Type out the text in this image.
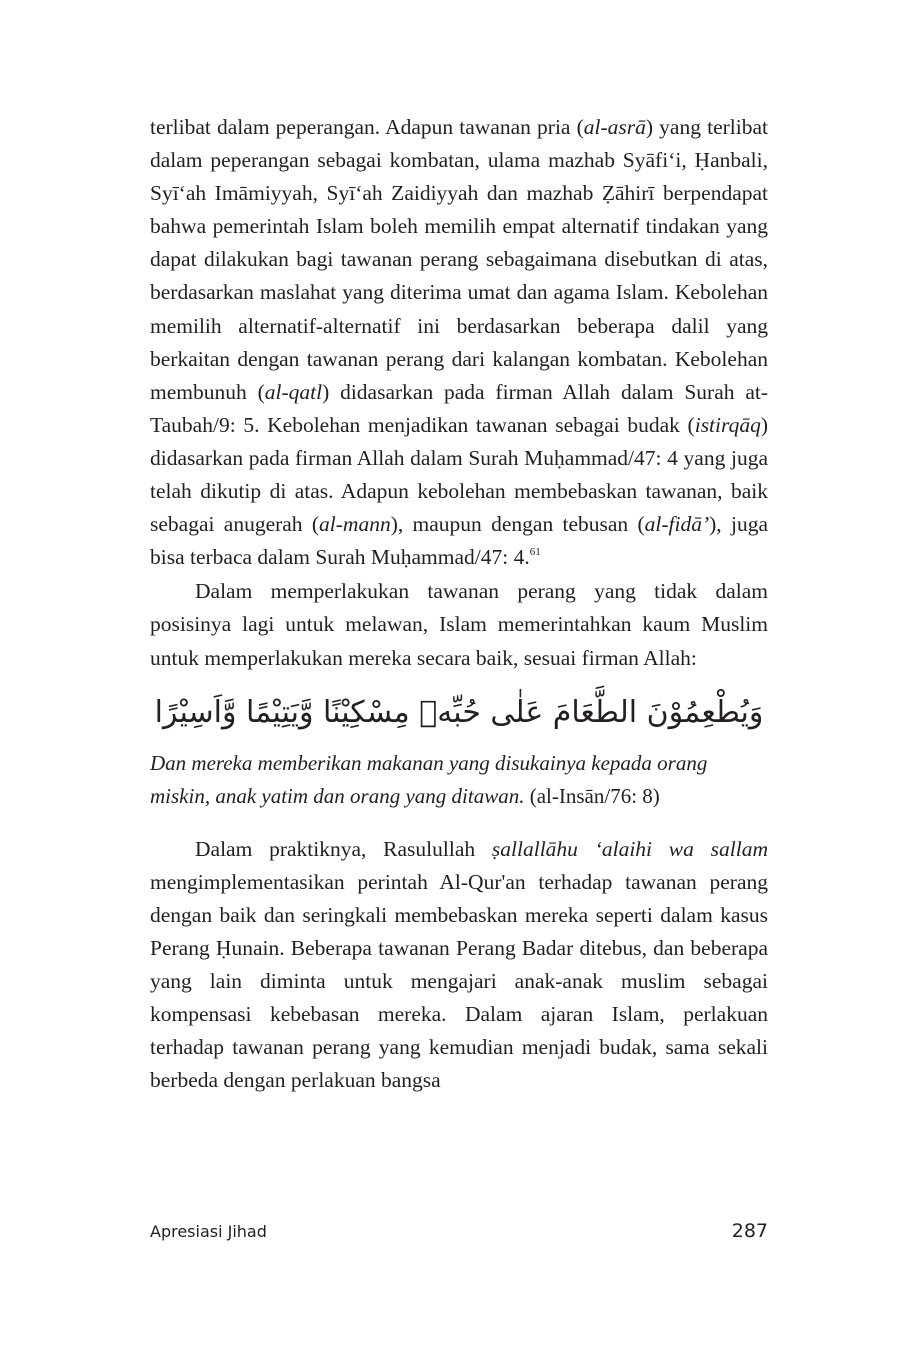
terlibat dalam peperangan. Adapun tawanan pria (al-asrā) yang terlibat dalam peperangan sebagai kombatan, ulama mazhab Syāfi‘i, Ḥanbali, Syī‘ah Imāmiyyah, Syī‘ah Zaidiyyah dan mazhab Ẓāhirī berpendapat bahwa pemerintah Islam boleh memilih empat alternatif tindakan yang dapat dilakukan bagi tawanan perang sebagaimana disebutkan di atas, berdasarkan maslahat yang diterima umat dan agama Islam. Kebolehan memilih alternatif-alternatif ini berdasarkan beberapa dalil yang berkaitan dengan tawanan perang dari kalangan kombatan. Kebolehan membunuh (al-qatl) didasarkan pada firman Allah dalam Surah at-Taubah/9: 5. Kebolehan menjadikan tawanan sebagai budak (istirqāq) didasarkan pada firman Allah dalam Surah Muḥammad/47: 4 yang juga telah dikutip di atas. Adapun kebolehan membebaskan tawanan, baik sebagai anugerah (al-mann), maupun dengan tebusan (al-fidā’), juga bisa terbaca dalam Surah Muḥammad/47: 4.61

Dalam memperlakukan tawanan perang yang tidak dalam posisinya lagi untuk melawan, Islam memerintahkan kaum Muslim untuk memperlakukan mereka secara baik, sesuai firman Allah:

وَيُطْعِمُوْنَ الطَّعَامَ عَلٰى حُبِّهٖ مِسْكِيْنًا وَّيَتِيْمًا وَّاَسِيْرًا

Dan mereka memberikan makanan yang disukainya kepada orang miskin, anak yatim dan orang yang ditawan. (al-Insān/76: 8)

Dalam praktiknya, Rasulullah ṣallallāhu ‘alaihi wa sallam mengimplementasikan perintah Al-Qur'an terhadap tawanan perang dengan baik dan seringkali membebaskan mereka seperti dalam kasus Perang Ḥunain. Beberapa tawanan Perang Badar ditebus, dan beberapa yang lain diminta untuk mengajari anak-anak muslim sebagai kompensasi kebebasan mereka. Dalam ajaran Islam, perlakuan terhadap tawanan perang yang kemudian menjadi budak, sama sekali berbeda dengan perlakuan bangsa

Apresiasi Jihad	287
